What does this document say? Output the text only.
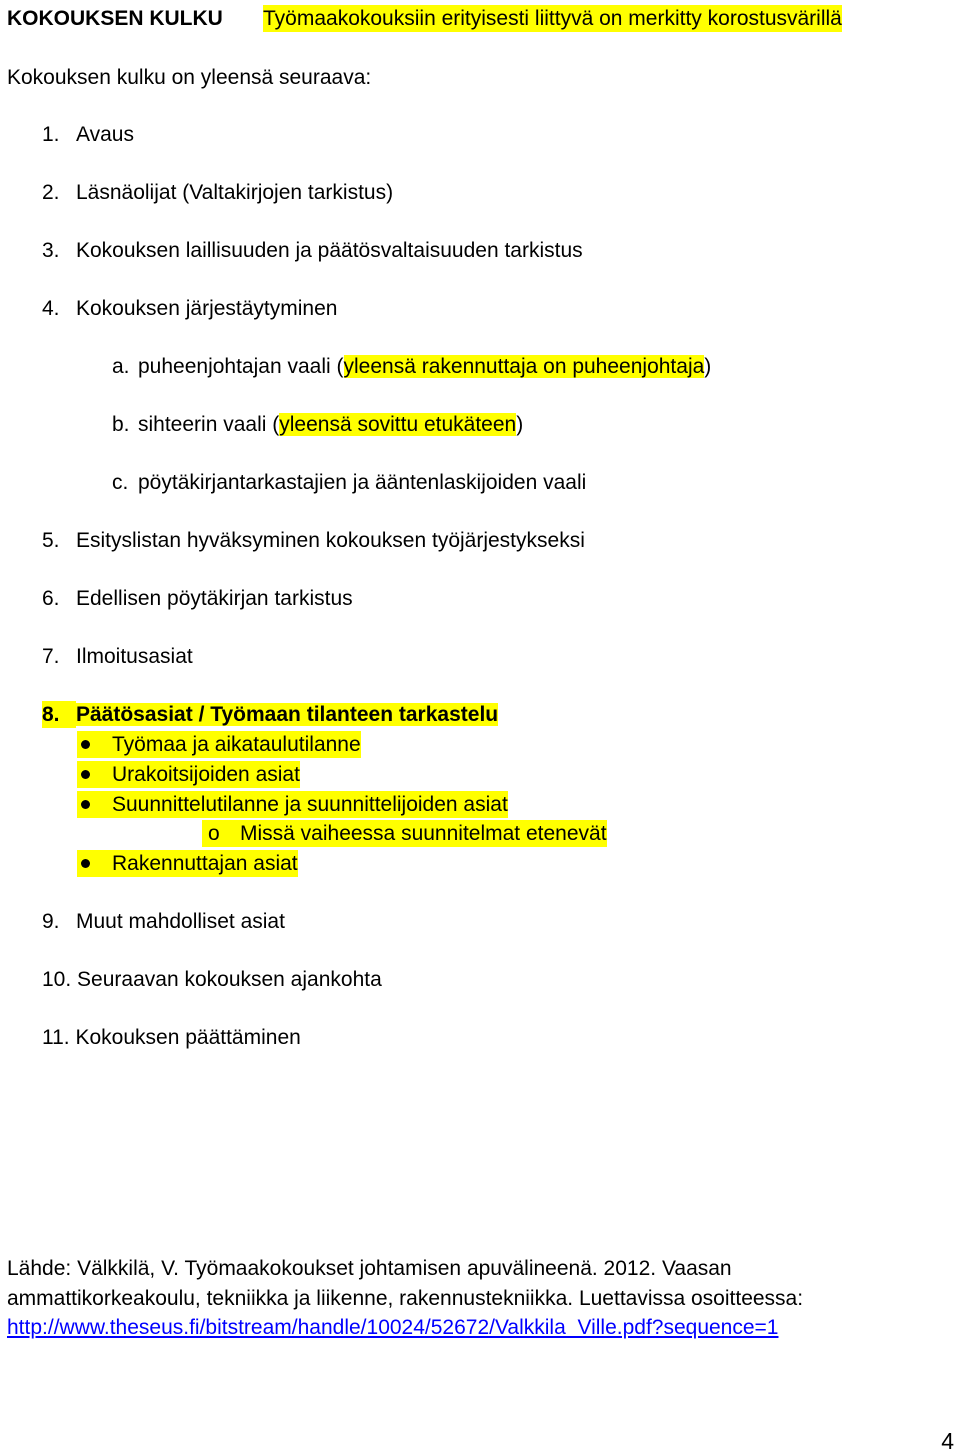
KOKOUKSEN KULKU Työmaakokouksiin erityisesti liittyvä on merkitty korostusvärillä
Kokouksen kulku on yleensä seuraava:
1. Avaus
2. Läsnäolijat (Valtakirjojen tarkistus)
3. Kokouksen laillisuuden ja päätösvaltaisuuden tarkistus
4. Kokouksen järjestäytyminen
a. puheenjohtajan vaali (yleensä rakennuttaja on puheenjohtaja)
b. sihteerin vaali (yleensä sovittu etukäteen)
c. pöytäkirjantarkastajien ja ääntenlaskijoiden vaali
5. Esityslistan hyväksyminen kokouksen työjärjestykseksi
6. Edellisen pöytäkirjan tarkistus
7. Ilmoitusasiat
8. Päätösasiat / Työmaan tilanteen tarkastelu
Työmaa ja aikataulutilanne
Urakoitsijoiden asiat
Suunnittelutilanne ja suunnittelijoiden asiat
o Missä vaiheessa suunnitelmat etenevät
Rakennuttajan asiat
9. Muut mahdolliset asiat
10. Seuraavan kokouksen ajankohta
11. Kokouksen päättäminen
Lähde: Välkkilä, V. Työmaakokoukset johtamisen apuvälineenä. 2012. Vaasan
ammattikorkeakoulu, tekniikka ja liikenne, rakennustekniikka. Luettavissa osoitteessa:
http://www.theseus.fi/bitstream/handle/10024/52672/Valkkila_Ville.pdf?sequence=1
4
